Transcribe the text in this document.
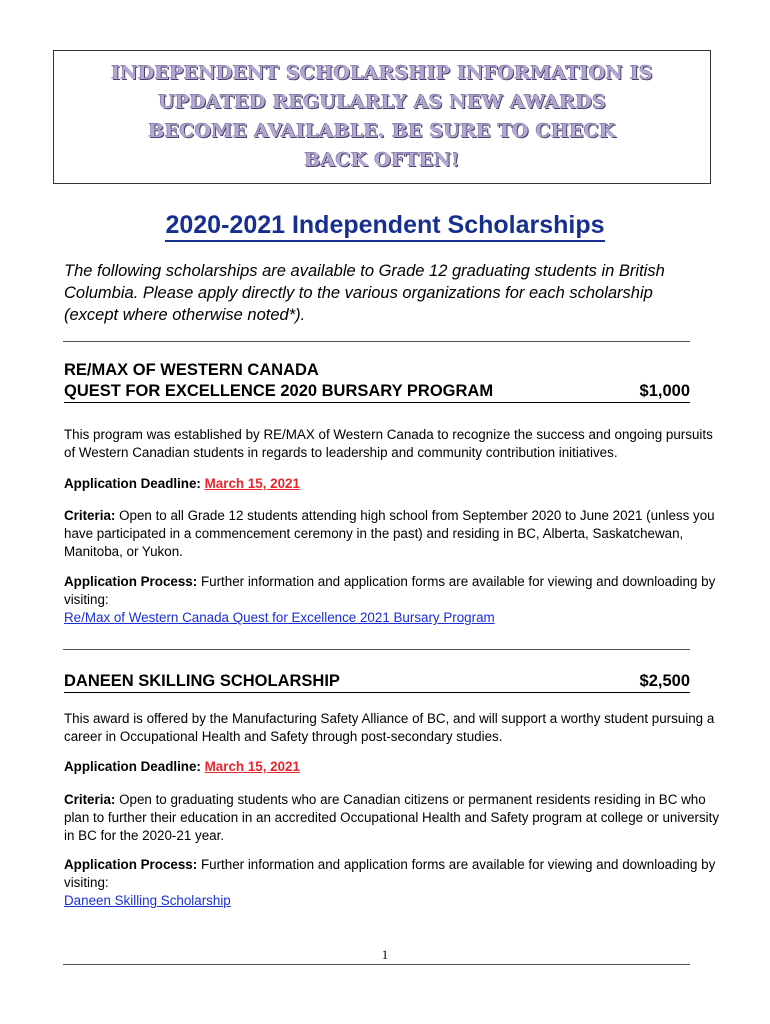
INDEPENDENT SCHOLARSHIP INFORMATION IS
UPDATED REGULARLY AS NEW AWARDS
BECOME AVAILABLE. BE SURE TO CHECK
BACK OFTEN!
2020-2021 Independent Scholarships
The following scholarships are available to Grade 12 graduating students in British Columbia. Please apply directly to the various organizations for each scholarship (except where otherwise noted*).
RE/MAX OF WESTERN CANADA
QUEST FOR EXCELLENCE 2020 BURSARY PROGRAM	$1,000
This program was established by RE/MAX of Western Canada to recognize the success and ongoing pursuits of Western Canadian students in regards to leadership and community contribution initiatives.
Application Deadline: March 15, 2021
Criteria: Open to all Grade 12 students attending high school from September 2020 to June 2021 (unless you have participated in a commencement ceremony in the past) and residing in BC, Alberta, Saskatchewan, Manitoba, or Yukon.
Application Process: Further information and application forms are available for viewing and downloading by visiting:
Re/Max of Western Canada Quest for Excellence 2021 Bursary Program
DANEEN SKILLING SCHOLARSHIP	$2,500
This award is offered by the Manufacturing Safety Alliance of BC, and will support a worthy student pursuing a career in Occupational Health and Safety through post-secondary studies.
Application Deadline: March 15, 2021
Criteria: Open to graduating students who are Canadian citizens or permanent residents residing in BC who plan to further their education in an accredited Occupational Health and Safety program at college or university in BC for the 2020-21 year.
Application Process: Further information and application forms are available for viewing and downloading by visiting:
Daneen Skilling Scholarship
1
